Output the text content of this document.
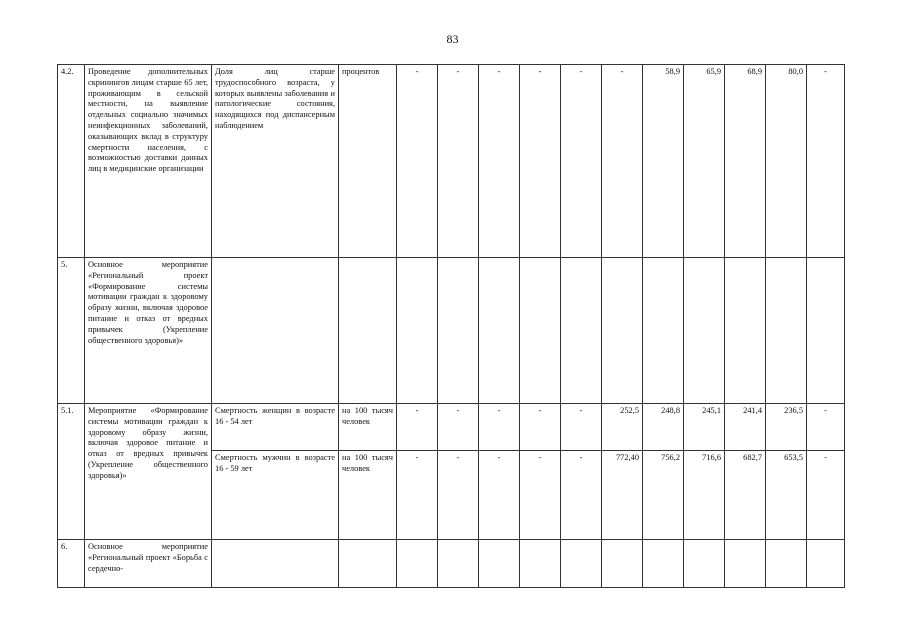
83
4.2.	Проведение дополнительных скринингов лицам старше 65 лет, проживающим в сельской местности, на выявление отдельных социально значимых неинфекционных заболеваний, оказывающих вклад в структуру смертности населения, с возможностью доставки данных лиц в медицинские организации	Доля лиц старше трудоспособного возраста, у которых выявлены заболевания и патологические состояния, находящихся под диспансерным наблюдением	процентов	-	-	-	-	-	-	58,9	65,9	68,9	80,0	-
5.	Основное мероприятие «Региональный проект «Формирование системы мотивации граждан к здоровому образу жизни, включая здоровое питание и отказ от вредных привычек (Укрепление общественного здоровья)»													
5.1.	Мероприятие «Формирование системы мотивации граждан к здоровому образу жизни, включая здоровое питание и отказ от вредных привычек (Укрепление общественного здоровья)»	Смертность женщин в возрасте 16 - 54 лет	на 100 тысяч человек	-	-	-	-	-	252,5	248,8	245,1	241,4	236,5	-
		Смертность мужчин в возрасте 16 - 59 лет	на 100 тысяч человек	-	-	-	-	-	772,40	756,2	716,6	682,7	653,5	-
6.	Основное мероприятие «Региональный проект «Борьба с сердечно-													
